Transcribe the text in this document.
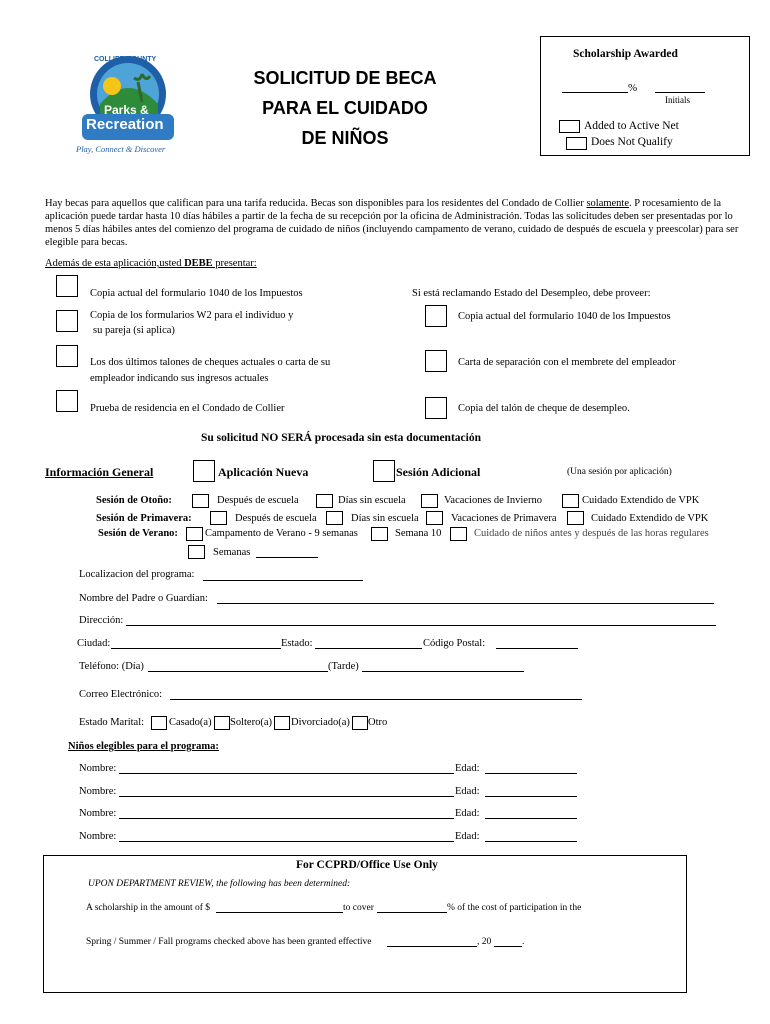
COLLIER COUNTY
Parks &
Recreation
Play, Connect & Discover
SOLICITUD DE BECA
PARA EL CUIDADO
DE NIÑOS
Scholarship Awarded
%
Initials
Added to Active Net
Does Not Qualify
Hay becas para aquellos que califican para una tarifa reducida. Becas son disponibles para los residentes del Condado de Collier solamente. P rocesamiento de la aplicación puede tardar hasta 10 días hábiles a partir de la fecha de su recepción por la oficina de Administración. Todas las solicitudes deben ser presentadas por lo menos 5 días hábiles antes del comienzo del programa de cuidado de niños (incluyendo campamento de verano, cuidado de después de escuela y preescolar) para ser elegible para becas.
Además de esta aplicación,usted DEBE presentar:
Copia actual del formulario 1040 de los Impuestos
Copia de los formularios W2 para el individuo y
su pareja (si aplica)
Los dos últimos talones de cheques actuales o carta de su
empleador indicando sus ingresos actuales
Prueba de residencia en el Condado de Collier
Si está reclamando Estado del Desempleo, debe proveer:
Copia actual del formulario 1040 de los Impuestos
Carta de separación con el membrete del empleador
Copia del talón de cheque de desempleo.
Su solicitud NO SERÁ procesada sin esta documentación
Información General	Aplicación Nueva	Sesión Adicional	(Una sesión por aplicación)
Sesión de Otoño:	Después de escuela	Días sin escuela	Vacaciones de Invierno	Cuidado Extendido de VPK
Sesión de Primavera:	Después de escuela	Días sin escuela	Vacaciones de Primavera	Cuidado Extendido de VPK
Sesión de Verano:	Campamento de Verano - 9 semanas	Semana 10	Cuidado de niños antes y después de las horas regulares
Semanas
Localizacion del programa:
Nombre del Padre o Guardian:
Dirección:
Ciudad:	Estado:	Código Postal:
Teléfono: (Día)	(Tarde)
Correo Electrónico:
Estado Marital: Casado(a) Soltero(a) Divorciado(a) Otro
Niños elegibles para el programa:
Nombre:	Edad:
Nombre:	Edad:
Nombre:	Edad:
Nombre:	Edad:
For CCPRD/Office Use Only
UPON DEPARTMENT REVIEW, the following has been determined:
A scholarship in the amount of $	to cover	% of the cost of participation in the
Spring / Summer / Fall programs checked above has been granted effective	, 20	.
